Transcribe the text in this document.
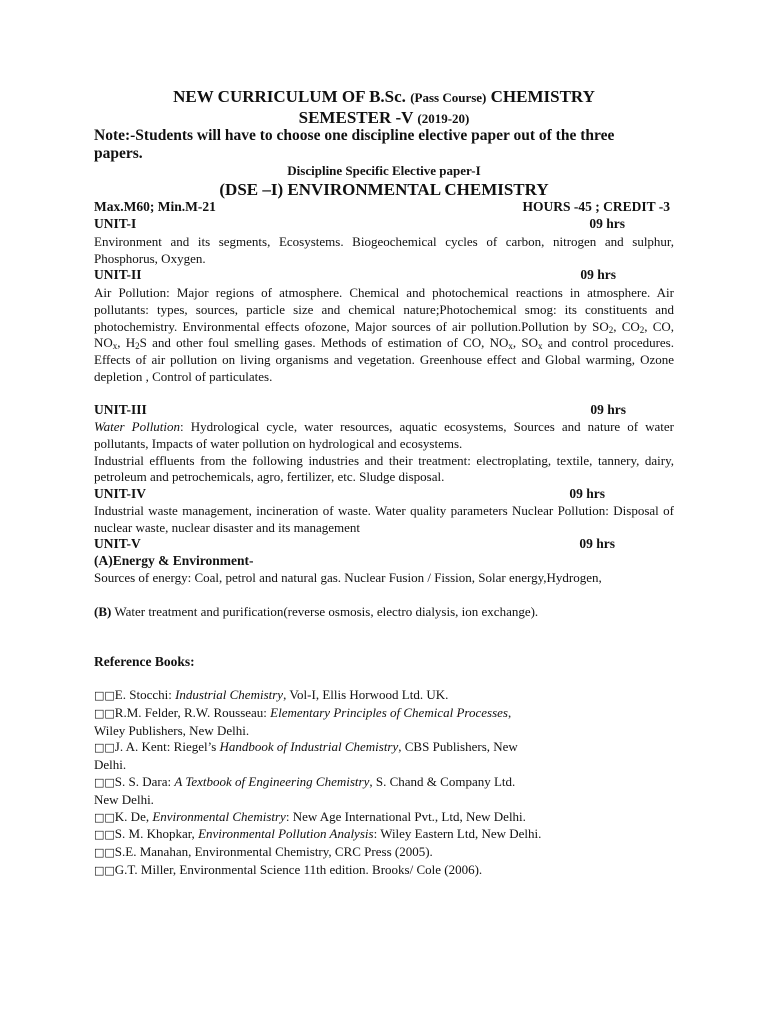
NEW CURRICULUM OF B.Sc. (Pass Course) CHEMISTRY
SEMESTER -V (2019-20)
Note:-Students will have to choose one discipline elective paper out of the three
papers.
Discipline Specific Elective paper-I
(DSE –I) ENVIRONMENTAL CHEMISTRY
Max.M60; Min.M-21	HOURS -45 ; CREDIT -3
UNIT-I	09 hrs
Environment and its segments, Ecosystems. Biogeochemical cycles of carbon, nitrogen and sulphur, Phosphorus, Oxygen.
UNIT-II	09 hrs
Air Pollution: Major regions of atmosphere. Chemical and photochemical reactions in atmosphere. Air pollutants: types, sources, particle size and chemical nature;Photochemical smog: its constituents and photochemistry. Environmental effects ofozone, Major sources of air pollution.Pollution by $SO_2$, $CO_2$, CO, $NO_x$, $H_2S$ and other foul smelling gases. Methods of estimation of CO, $NO_x$, $SO_x$ and control procedures. Effects of air pollution on living organisms and vegetation. Greenhouse effect and Global warming, Ozone depletion , Control of particulates.
UNIT-III	09 hrs
Water Pollution: Hydrological cycle, water resources, aquatic ecosystems, Sources and nature of water pollutants, Impacts of water pollution on hydrological and ecosystems.
Industrial effluents from the following industries and their treatment: electroplating, textile, tannery, dairy, petroleum and petrochemicals, agro, fertilizer, etc. Sludge disposal.
UNIT-IV	09 hrs
Industrial waste management, incineration of waste. Water quality parameters Nuclear Pollution: Disposal of nuclear waste, nuclear disaster and its management
UNIT-V	09 hrs
(A)Energy & Environment-
Sources of energy: Coal, petrol and natural gas. Nuclear Fusion / Fission, Solar energy,Hydrogen,
(B) Water treatment and purification(reverse osmosis, electro dialysis, ion exchange).
Reference Books:
□□E. Stocchi: Industrial Chemistry, Vol-I, Ellis Horwood Ltd. UK.
□□R.M. Felder, R.W. Rousseau: Elementary Principles of Chemical Processes,
Wiley Publishers, New Delhi.
□□J. A. Kent: Riegel’s Handbook of Industrial Chemistry, CBS Publishers, New
Delhi.
□□S. S. Dara: A Textbook of Engineering Chemistry, S. Chand & Company Ltd.
New Delhi.
□□K. De, Environmental Chemistry: New Age International Pvt., Ltd, New Delhi.
□□S. M. Khopkar, Environmental Pollution Analysis: Wiley Eastern Ltd, New Delhi.
□□S.E. Manahan, Environmental Chemistry, CRC Press (2005).
□□G.T. Miller, Environmental Science 11th edition. Brooks/ Cole (2006).
